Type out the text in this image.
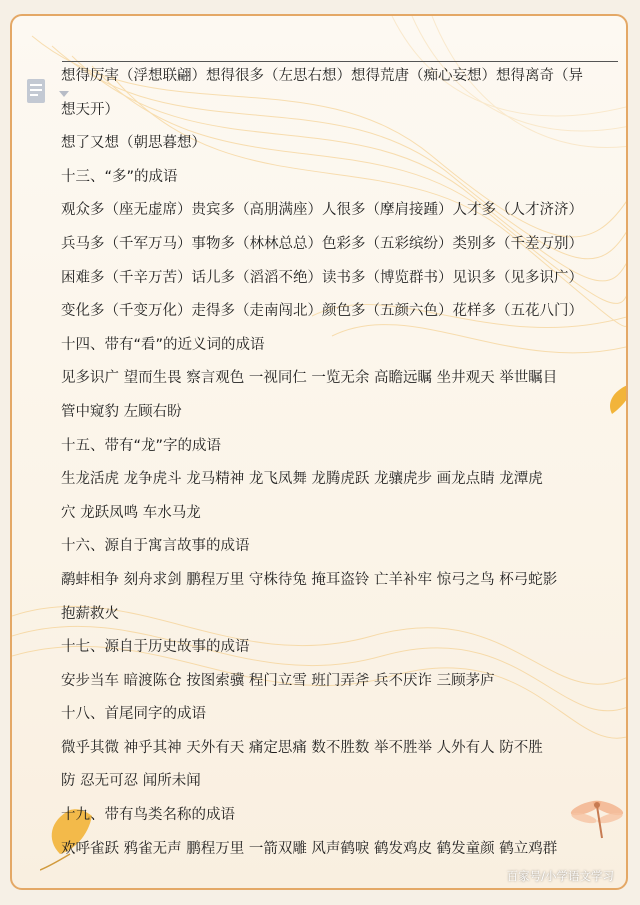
百家号/小学语文学习
想得厉害（浮想联翩）想得很多（左思右想）想得荒唐（痴心妄想）想得离奇（异
想天开）
想了又想（朝思暮想）
十三、“多”的成语
观众多（座无虚席）贵宾多（高朋满座）人很多（摩肩接踵）人才多（人才济济）
兵马多（千军万马）事物多（林林总总）色彩多（五彩缤纷）类别多（千差万别）
困难多（千辛万苦）话儿多（滔滔不绝）读书多（博览群书）见识多（见多识广）
变化多（千变万化）走得多（走南闯北）颜色多（五颜六色）花样多（五花八门）
十四、带有“看”的近义词的成语
见多识广 望而生畏 察言观色 一视同仁 一览无余 高瞻远瞩 坐井观天 举世瞩目
管中窥豹 左顾右盼
十五、带有“龙”字的成语
生龙活虎 龙争虎斗 龙马精神 龙飞凤舞 龙腾虎跃 龙骧虎步 画龙点睛 龙潭虎
穴 龙跃凤鸣 车水马龙
十六、源自于寓言故事的成语
鹬蚌相争 刻舟求剑 鹏程万里 守株待兔 掩耳盗铃 亡羊补牢 惊弓之鸟 杯弓蛇影
抱薪救火
十七、源自于历史故事的成语
安步当车 暗渡陈仓 按图索骥 程门立雪 班门弄斧 兵不厌诈 三顾茅庐
十八、首尾同字的成语
微乎其微 神乎其神 天外有天 痛定思痛 数不胜数 举不胜举 人外有人 防不胜
防 忍无可忍 闻所未闻
十九、带有鸟类名称的成语
欢呼雀跃 鸦雀无声 鹏程万里 一箭双雕 风声鹤唳 鹤发鸡皮 鹤发童颜 鹤立鸡群
